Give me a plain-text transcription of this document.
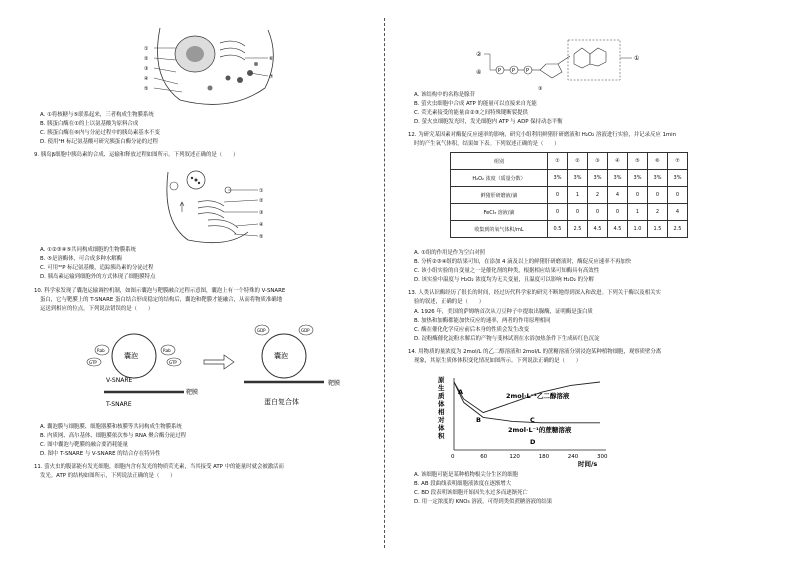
①
②
③
④
⑤
⑥
⑦
A. ①将核糖与⑤联系起来，三者构成生物膜系统
B. 胰蛋白酶在①的上以氨基酸为原料合成
C. 胰蛋白酶在⑥内与分泌过程中的胰岛素基本不变
D. 使用³H 标记氨基酸可研究胰蛋白酶分泌的过程
9. 胰岛β细胞中胰岛素的合成、运输和释放过程如图所示。下列叙述正确的是（　　）
①
②
③
④
⑤
A. ①②③④⑤共同构成细胞的生物膜系统
B. ⑤是溶酶体，可合成多种水解酶
C. 可用³²P 标记氨基酸，追踪胰岛素的分泌过程
D. 胰岛素运输到细胞外的方式体现了细胞膜特点
10. 科学家发现了囊泡运输调控机制，如图示囊泡与靶膜融合过程示意图，囊泡上有一个特殊的 V-SNARE
蛋白，它与靶膜上的 T-SNARE 蛋白结合形成稳定的结构后，囊泡和靶膜才能融合，从而将物质准确地
运送到相应的位点。下列说法错误的是（　　）
囊泡
Rab
GTP
Rab
GTP
V-SNARE
靶膜
T-SNARE
囊泡
GDP	GDP
靶膜
蛋白复合体
A. 囊泡膜与细胞膜、细胞器膜和核膜等共同构成生物膜系统
B. 内质网、高尔基体、细胞膜依次参与 RNA 聚合酶分泌过程
C. 图中囊泡与靶膜的融合要消耗能量
D. 图中 T-SNARE 与 V-SNARE 的结合存在特异性
11. 萤火虫的腹部能有发光细胞，细胞内含有发光的物质荧光素，当其接受 ATP 中的能量时就会被激活而
发光。ATP 的结构如图所示，下列说法正确的是（　　）
②
P P P
③
①
④
A. 该结构中的名称是腺苷
B. 萤火虫细胞中合成 ATP 的能量可以直接来自光能
C. 荧光素接受的能量由②③之间特殊键断裂提供
D. 萤火虫细胞发光时，发光细胞内 ATP 与 ADP 保持动态平衡
12. 为研究某因素对酶促反应速率的影响，研究小组利用鲜猪肝研磨液和 H₂O₂ 溶液进行实验，并记录反应 1min
时的产生氧气体积，结果如下表。下列叙述正确的是（　　）
组别	①	②	③	④	⑤	⑥	⑦
H₂O₂ 浓度（质量分数）	3%	3%	3%	3%	3%	3%	3%
鲜猪肝研磨液/滴	0	1	2	4	0	0	0
FeCl₃ 溶液/滴	0	0	0	0	1	2	4
收集到的氧气体积/mL	0.5	2.5	4.5	4.5	1.0	1.5	2.5
A. ①组的作用是作为空白对照
B. 分析②③④组的结果可知，在添加 4 滴及以上的鲜猪肝研磨液时，酶促反应速率不再加快
C. 该小组实验的自变量之一是催化剂的种类，根据相应结果可知酶具有高效性
D. 该实验中温度与 H₂O₂ 浓度均为无关变量，且温度可以影响 H₂O₂ 的分解
13. 人类认识酶经历了很长的时间，经过历代科学家的研究不断地得到深入和改进。下列关于酶以及相关实
验的叙述，正确的是（　　）
A. 1926 年，美国的萨姆纳首次从刀豆种子中提取出脲酶，证明酶是蛋白质
B. 加热和加酶都能加快反应的速率，两者的作用原理相同
C. 酶在催化化学反应前后本身的性质会发生改变
D. 淀粉酶催化淀粉水解后的产物与斐林试剂在水浴加热条件下生成砖红色沉淀
14. 用物质的量浓度为 2mol/L 的乙二醇溶液和 2mol/L 的蔗糖溶液分别浸泡某种植物细胞，观察质壁分离
现象，其原生质体体积变化情况如图所示。下列说法正确的是（　　）
原
生
质
体
相
对
体
积
0	60	120	180	240	300
2mol·L⁻¹乙二醇溶液
2mol·L⁻¹的蔗糖溶液
A
B	C
D
时间/s
A. 该细胞可能是某种植物根尖分生区的细胞
B. AB 段曲线表明细胞液浓度在逐渐增大
C. BD 段表明该细胞开始因失水过多而逐渐死亡
D. 用一定浓度的 KNO₃ 溶液，可得到类似蔗糖溶液的结果
